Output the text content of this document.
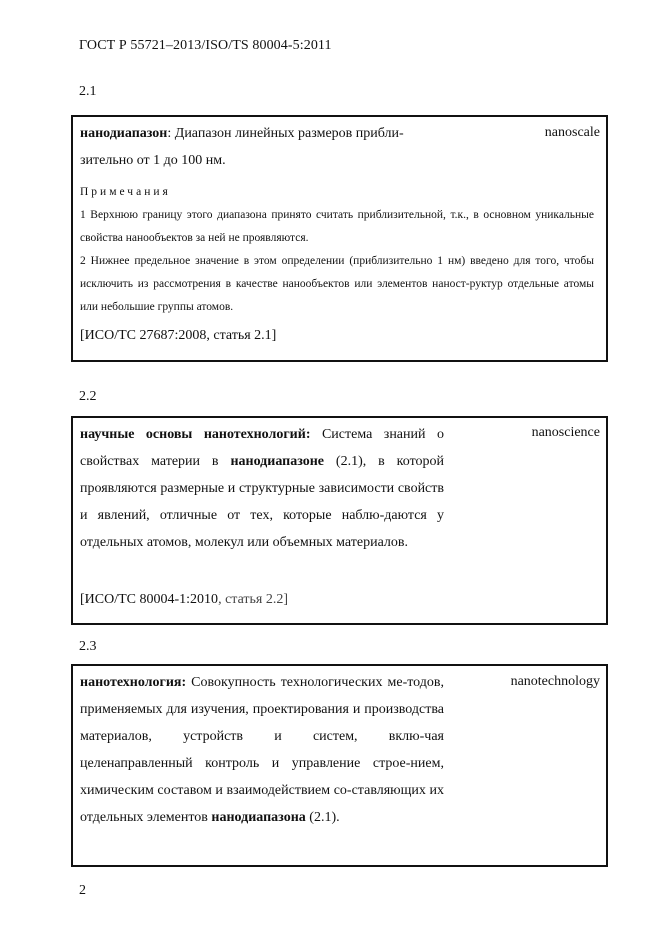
ГОСТ Р 55721–2013/ISO/TS 80004-5:2011
2.1
нанодиапазон: Диапазон линейных размеров прибли-
зительно от 1 до 100 нм.
nanoscale
Примечания
1 Верхнюю границу этого диапазона принято считать приблизительной, т.к., в основном уникальные свойства нанообъектов за ней не проявляются.
2 Нижнее предельное значение в этом определении (приблизительно 1 нм) введено для того, чтобы исключить из рассмотрения в качестве нанообъектов или элементов наност-руктур отдельные атомы или небольшие группы атомов.
[ИСО/ТС 27687:2008, статья 2.1]
2.2
научные основы нанотехнологий: Система знаний о свойствах материи в нанодиапазоне (2.1), в которой проявляются размерные и структурные зависимости свойств и явлений, отличные от тех, которые наблю-даются у отдельных атомов, молекул или объемных материалов.
nanoscience
[ИСО/ТС 80004-1:2010, статья 2.2]
2.3
нанотехнология: Совокупность технологических ме-тодов, применяемых для изучения, проектирования и производства материалов, устройств и систем, вклю-чая целенаправленный контроль и управление строе-нием, химическим составом и взаимодействием со-ставляющих их отдельных элементов нанодиапазона (2.1).
nanotechnology
2
